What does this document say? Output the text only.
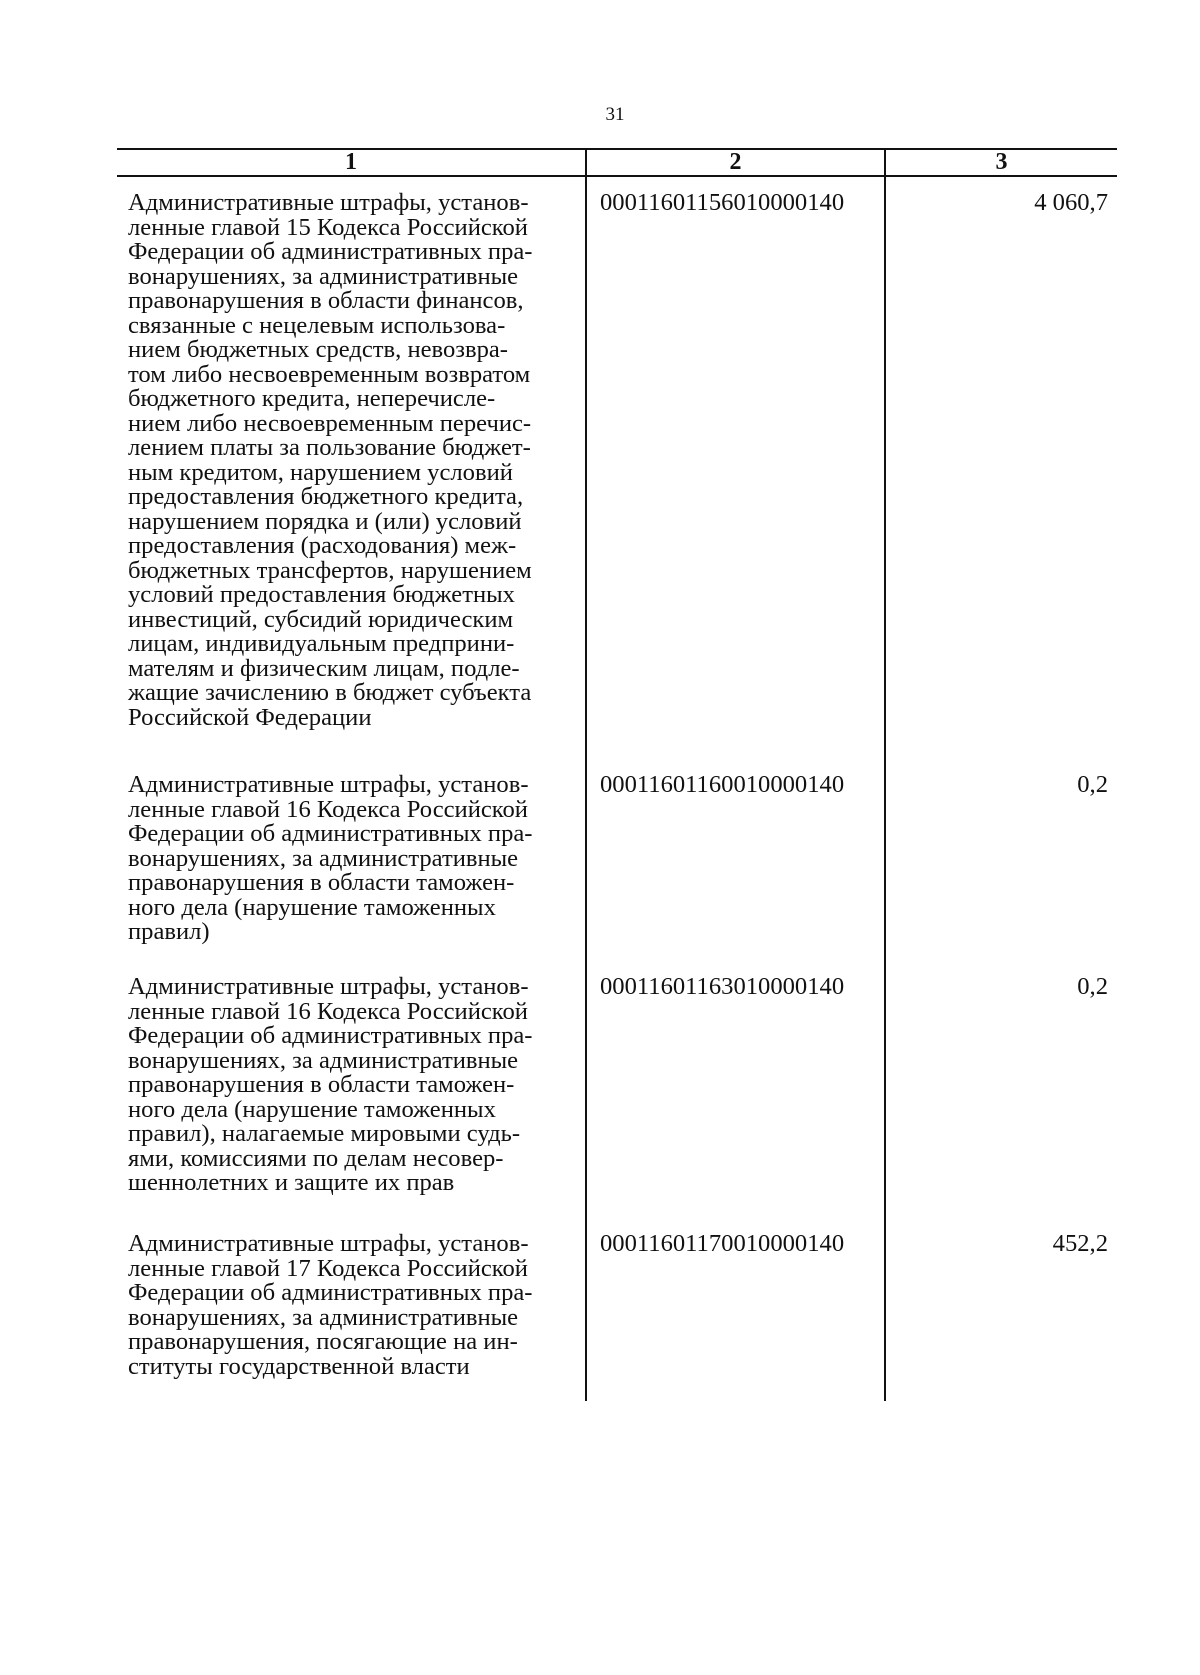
31
1	2	3
Административные штрафы, установ-
ленные главой 15 Кодекса Российской
Федерации об административных пра-
вонарушениях, за административные
правонарушения в области финансов,
связанные с нецелевым использова-
нием бюджетных средств, невозвра-
том либо несвоевременным возвратом
бюджетного кредита, неперечисле-
нием либо несвоевременным перечис-
лением платы за пользование бюджет-
ным кредитом, нарушением условий
предоставления бюджетного кредита,
нарушением порядка и (или) условий
предоставления (расходования) меж-
бюджетных трансфертов, нарушением
условий предоставления бюджетных
инвестиций, субсидий юридическим
лицам, индивидуальным предприни-
мателям и физическим лицам, подле-
жащие зачислению в бюджет субъекта
Российской Федерации
00011601156010000140	4 060,7
Административные штрафы, установ-
ленные главой 16 Кодекса Российской
Федерации об административных пра-
вонарушениях, за административные
правонарушения в области таможен-
ного дела (нарушение таможенных
правил)
00011601160010000140	0,2
Административные штрафы, установ-
ленные главой 16 Кодекса Российской
Федерации об административных пра-
вонарушениях, за административные
правонарушения в области таможен-
ного дела (нарушение таможенных
правил), налагаемые мировыми судь-
ями, комиссиями по делам несовер-
шеннолетних и защите их прав
00011601163010000140	0,2
Административные штрафы, установ-
ленные главой 17 Кодекса Российской
Федерации об административных пра-
вонарушениях, за административные
правонарушения, посягающие на ин-
ституты государственной власти
00011601170010000140	452,2
